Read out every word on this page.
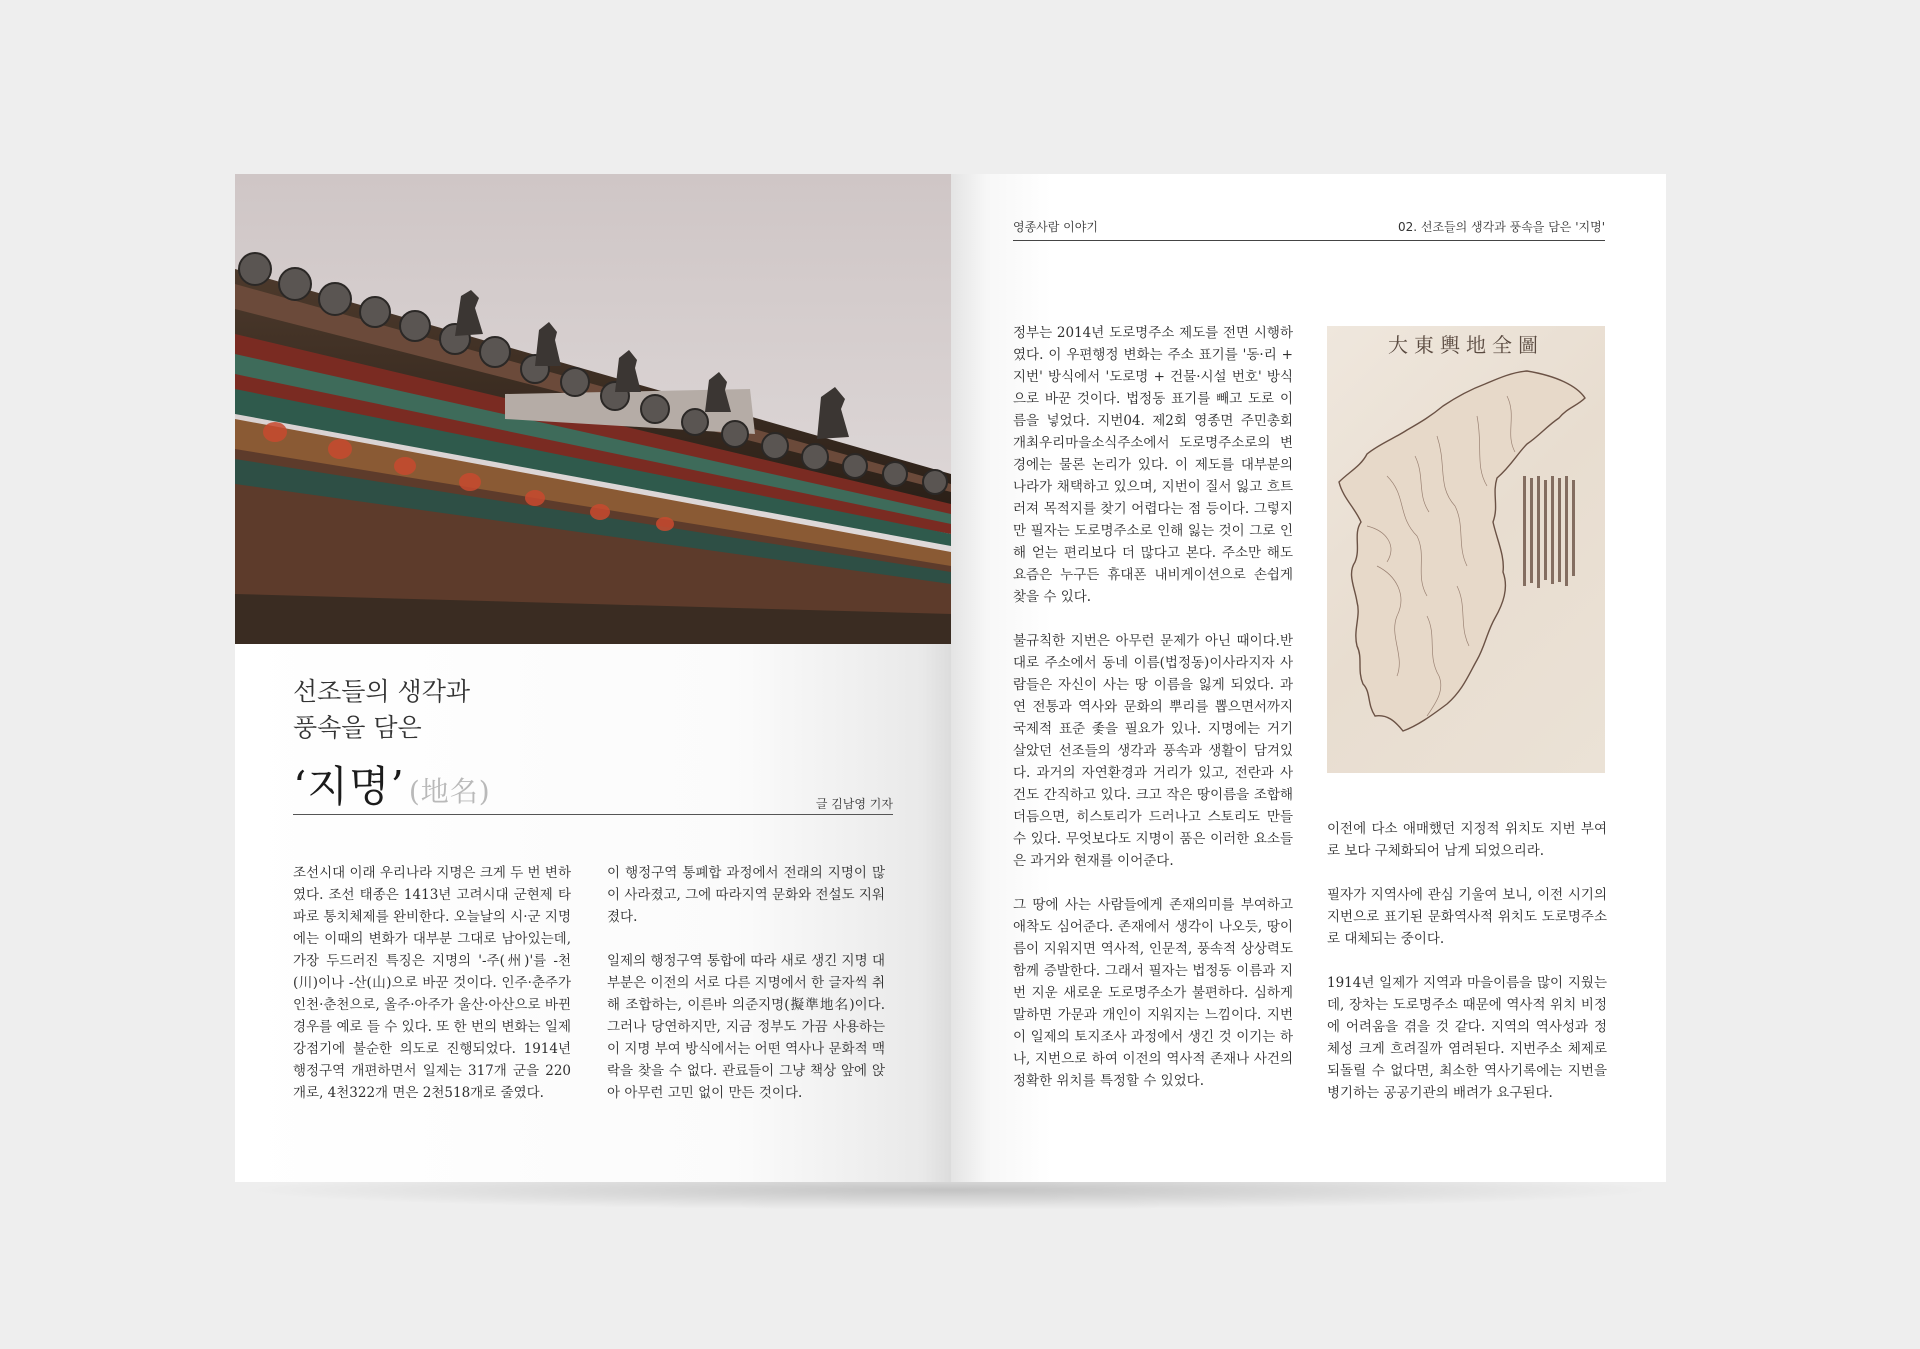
선조들의 생각과

풍속을 담은

‘지명’ (地名)	글 김남영 기자

조선시대 이래 우리나라 지명은 크게 두 번 변하였다. 조선 태종은 1413년 고려시대 군현제 타파로 통치체제를 완비한다. 오늘날의 시·군 지명에는 이때의 변화가 대부분 그대로 남아있는데, 가장 두드러진 특징은 지명의 '-주(州)'를 -천(川)이나 -산(山)으로 바꾼 것이다. 인주·춘주가 인천·춘천으로, 올주·아주가 울산·아산으로 바뀐 경우를 예로 들 수 있다. 또 한 번의 변화는 일제강점기에 불순한 의도로 진행되었다. 1914년 행정구역 개편하면서 일제는 317개 군을 220개로, 4천322개 면은 2천518개로 줄였다.

이 행정구역 통폐합 과정에서 전래의 지명이 많이 사라졌고, 그에 따라지역 문화와 전설도 지워졌다.

일제의 행정구역 통합에 따라 새로 생긴 지명 대부분은 이전의 서로 다른 지명에서 한 글자씩 취해 조합하는, 이른바 의준지명(擬準地名)이다. 그러나 당연하지만, 지금 정부도 가끔 사용하는 이 지명 부여 방식에서는 어떤 역사나 문화적 맥락을 찾을 수 없다. 관료들이 그냥 책상 앞에 앉아 아무런 고민 없이 만든 것이다.

영종사람 이야기	02. 선조들의 생각과 풍속을 담은 '지명'

정부는 2014년 도로명주소 제도를 전면 시행하였다. 이 우편행정 변화는 주소 표기를 '동·리 + 지번' 방식에서 '도로명 + 건물·시설 번호' 방식으로 바꾼 것이다. 법정동 표기를 빼고 도로 이름을 넣었다. 지번04. 제2회 영종면 주민총회 개최우리마을소식주소에서 도로명주소로의 변경에는 물론 논리가 있다. 이 제도를 대부분의 나라가 채택하고 있으며, 지번이 질서 잃고 흐트러져 목적지를 찾기 어렵다는 점 등이다. 그렇지만 필자는 도로명주소로 인해 잃는 것이 그로 인해 얻는 편리보다 더 많다고 본다. 주소만 해도 요즘은 누구든 휴대폰 내비게이션으로 손쉽게 찾을 수 있다.

불규칙한 지번은 아무런 문제가 아닌 때이다.반대로 주소에서 동네 이름(법정동)이사라지자 사람들은 자신이 사는 땅 이름을 잃게 되었다. 과연 전통과 역사와 문화의 뿌리를 뽑으면서까지 국제적 표준 좇을 필요가 있나. 지명에는 거기 살았던 선조들의 생각과 풍속과 생활이 담겨있다. 과거의 자연환경과 거리가 있고, 전란과 사건도 간직하고 있다. 크고 작은 땅이름을 조합해 더듬으면, 히스토리가 드러나고 스토리도 만들 수 있다. 무엇보다도 지명이 품은 이러한 요소들은 과거와 현재를 이어준다.

그 땅에 사는 사람들에게 존재의미를 부여하고 애착도 심어준다. 존재에서 생각이 나오듯, 땅이름이 지워지면 역사적, 인문적, 풍속적 상상력도 함께 증발한다. 그래서 필자는 법정동 이름과 지번 지운 새로운 도로명주소가 불편하다. 심하게 말하면 가문과 개인이 지워지는 느낌이다. 지번이 일제의 토지조사 과정에서 생긴 것 이기는 하나, 지번으로 하여 이전의 역사적 존재나 사건의 정확한 위치를 특정할 수 있었다.

大東輿地全圖

이전에 다소 애매했던 지정적 위치도 지번 부여로 보다 구체화되어 남게 되었으리라.

필자가 지역사에 관심 기울여 보니, 이전 시기의 지번으로 표기된 문화역사적 위치도 도로명주소로 대체되는 중이다.

1914년 일제가 지역과 마을이름을 많이 지웠는데, 장차는 도로명주소 때문에 역사적 위치 비정에 어려움을 겪을 것 같다. 지역의 역사성과 정체성 크게 흐려질까 염려된다. 지번주소 체제로 되돌릴 수 없다면, 최소한 역사기록에는 지번을 병기하는 공공기관의 배려가 요구된다.
